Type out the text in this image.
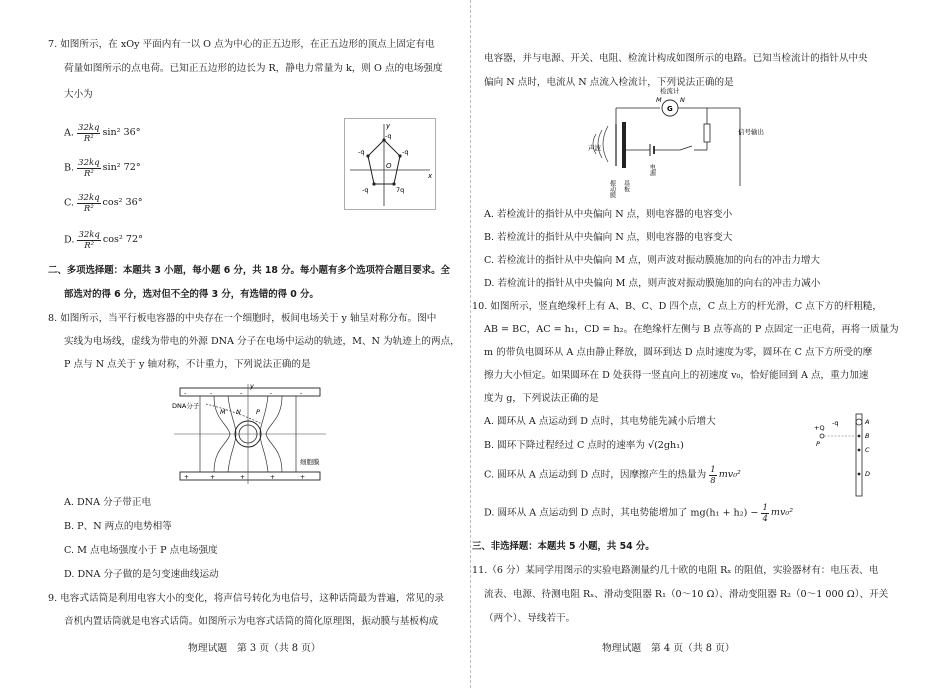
7. 如图所示，在 xOy 平面内有一以 O 点为中心的正五边形，在正五边形的顶点上固定有电
荷量如图所示的点电荷。已知正五边形的边长为 R，静电力常量为 k，则 O 点的电场强度
大小为
A. $\frac{32kq}{\text{R²}} \sin^2$ 36°
B. $\frac{32kq}{\text{R²}} \sin^2$ 72°
C. $\frac{32kq}{\text{R²}} \cos^2$ 36°
D. $\frac{32kq}{\text{R²}} \cos^2$ 72°
y
x
O
-q
-q
-q
-q	7q
二、多项选择题：本题共 3 小题，每小题 6 分，共 18 分。每小题有多个选项符合题目要求。全
部选对的得 6 分，选对但不全的得 3 分，有选错的得 0 分。
8. 如图所示，当平行板电容器的中央存在一个细胞时，板间电场关于 y 轴呈对称分布。图中
实线为电场线，虚线为带电的外源 DNA 分子在电场中运动的轨迹，M、N 为轨迹上的两点，
P 点与 N 点关于 y 轴对称，不计重力，下列说法正确的是
-	-	-	-	-
+	+	+	+	+
DNA分子
细胞膜
M N P
y
A. DNA 分子带正电
B. P、N 两点的电势相等
C. M 点电场强度小于 P 点电场强度
D. DNA 分子做的是匀变速曲线运动
9. 电容式话筒是利用电容大小的变化，将声信号转化为电信号，这种话筒最为普遍，常见的录
音机内置话筒就是电容式话筒。如图所示为电容式话筒的简化原理图，振动膜与基板构成
物理试题　第 3 页（共 8 页）
电容器，并与电源、开关、电阻、检流计构成如图所示的电路。已知当检流计的指针从中央
偏向 N 点时，电流从 N 点流入检流计，下列说法正确的是
G
M	N
检流计
信号输出
声波
振动膜 基板
电源
A. 若检流计的指针从中央偏向 N 点，则电容器的电容变小
B. 若检流计的指针从中央偏向 N 点，则电容器的电容变大
C. 若检流计的指针从中央偏向 M 点，则声波对振动膜施加的向右的冲击力增大
D. 若检流计的指针从中央偏向 M 点，则声波对振动膜施加的向右的冲击力减小
10. 如图所示，竖直绝缘杆上有 A、B、C、D 四个点，C 点上方的杆光滑，C 点下方的杆粗糙，
AB = BC，AC = h₁，CD = h₂。在绝缘杆左侧与 B 点等高的 P 点固定一正电荷，再将一质量为
m 的带负电圆环从 A 点由静止释放，圆环到达 D 点时速度为零，圆环在 C 点下方所受的摩
擦力大小恒定。如果圆环在 D 处获得一竖直向上的初速度 v₀，恰好能回到 A 点，重力加速
度为 g，下列说法正确的是
A. 圆环从 A 点运动到 D 点时，其电势能先减小后增大
B. 圆环下降过程经过 C 点时的速率为 √(2gh₁)
C. 圆环从 A 点运动到 D 点时，因摩擦产生的热量为 $\frac{1}{8} mv_0^2$
D. 圆环从 A 点运动到 D 点时，其电势能增加了 $mg(h_1 + h_2) - \frac{1}{4} mv_0^2$
-q
+Q
P
A
B
C
D
三、非选择题：本题共 5 小题，共 54 分。
11.（6 分）某同学用图示的实验电路测量约几十欧的电阻 Rₓ 的阻值，实验器材有：电压表、电
流表、电源、待测电阻 Rₓ、滑动变阻器 R₁（0～10 Ω）、滑动变阻器 R₂（0～1 000 Ω）、开关
（两个）、导线若干。
物理试题　第 4 页（共 8 页）
